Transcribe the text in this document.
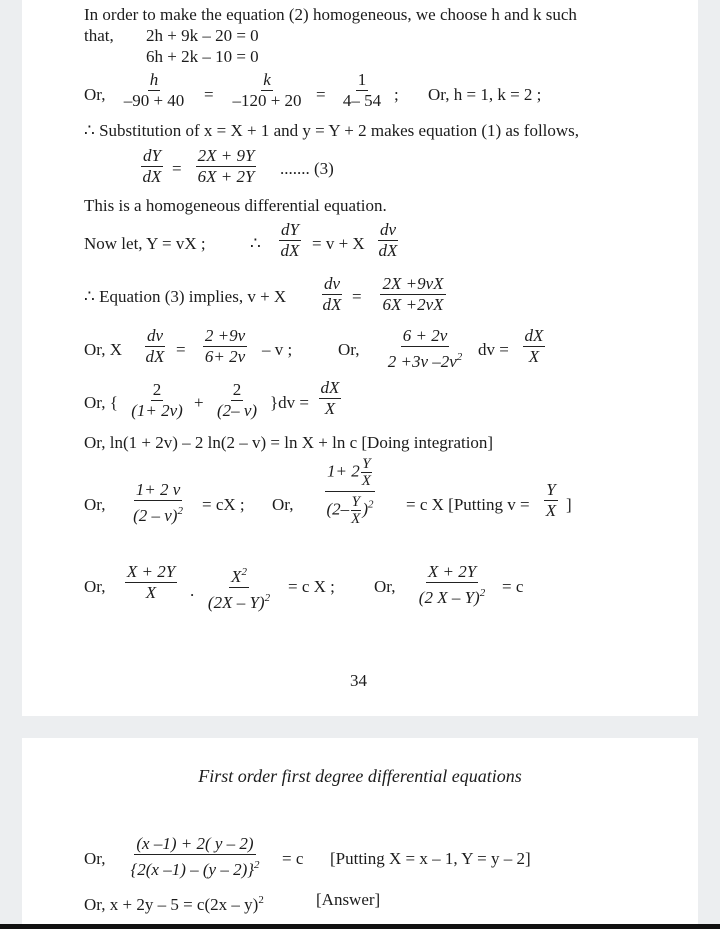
In order to make the equation (2) homogeneous, we choose h and k such
that, 2h + 9k – 20 = 0
6h + 2k – 10 = 0
Or,
h
–90 + 40 =
k
–120 + 20 =
1
4– 54 ; Or, h = 1, k = 2 ;
∴ Substitution of x = X + 1 and y = Y + 2 makes equation (1) as follows,
dY
dX =
2X + 9Y
6X + 2Y ....... (3)
This is a homogeneous differential equation.
Now let, Y = vX ;	∴
dY
dX = v + X
dv
dX
∴ Equation (3) implies, v + X
dv
dX =
2X +9vX
6X +2vX
Or, X
dv
dX =
2 +9v
6+ 2v – v ;	Or,
6 + 2v
2 +3v $-2v^2$ dv =
dX
X
Or, {
2
(1+ 2v) +
2
(2– v) }dv =
dX
X
Or, ln(1 + 2v) – 2 ln(2 – v) = ln X + ln c [Doing integration]
Or,
1+ 2 v
(2 – v)$^2$ = cX ; Or,
$1+ 2 \frac{Y}{X}$
$(2- \frac{Y}{X} )^2 = c$ X [Putting v =
Y
X ]
Or,
X + 2Y
X .
$X^2$
(2X – Y)$^2$
= c X ; Or,
X + 2Y
(2 X – Y)$^2$ = c
34
First order first degree differential equations
Or,
(x –1) + 2( y – 2)
{2(x –1) – (y – 2)}$^2$ = c [Putting X = x – 1, Y = y – 2]
Or, x + 2y – 5 = c(2x – y)$^2$	[Answer]
